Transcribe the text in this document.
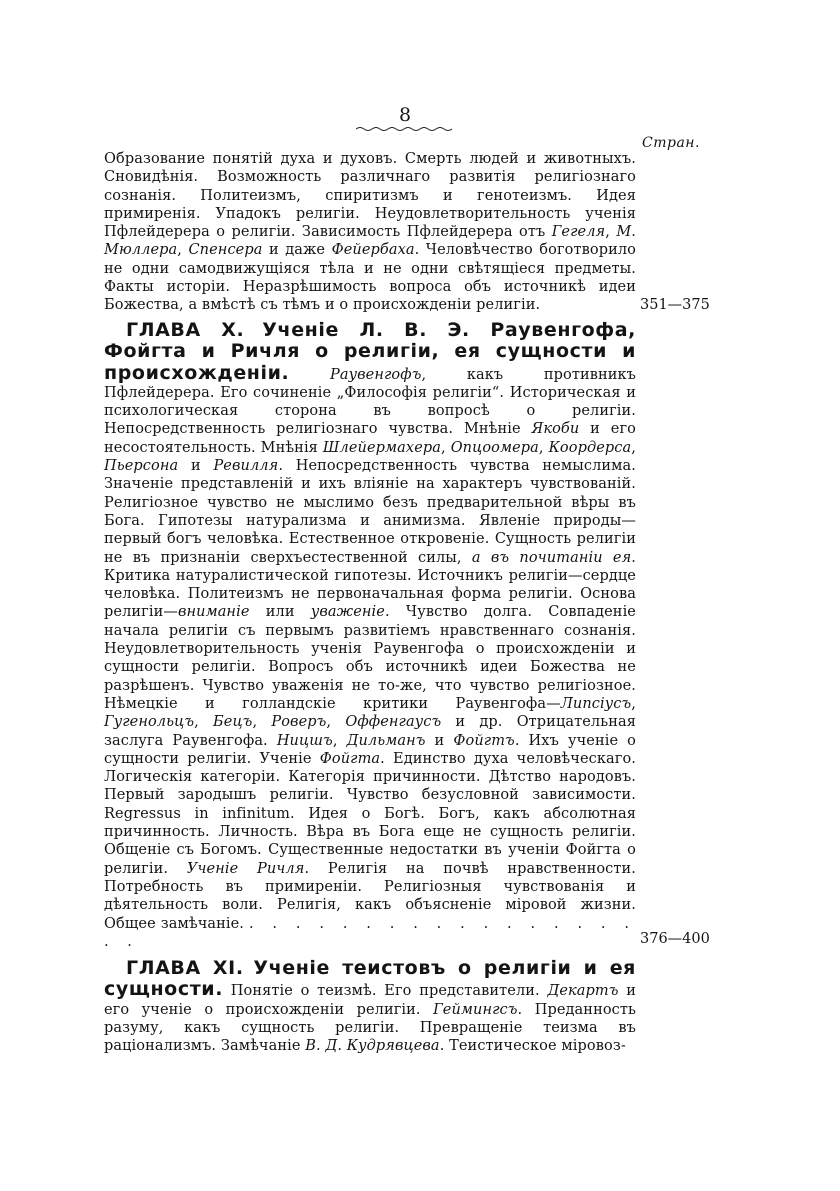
8
Стран.
Образование понятій духа и духовъ. Смерть людей и животныхъ. Сновидѣнія. Возможность различнаго развитія религіознаго сознанія. Политеизмъ, спиритизмъ и генотеизмъ. Идея примиренія. Упадокъ религіи. Неудовлетворительность ученія Пфлейдерера о религіи. Зависимость Пфлейдерера отъ Гегеля, М. Мюллера, Спенсера и даже Фейербаха. Человѣчество боготворило не одни самодвижущіяся тѣла и не одни свѣтящіеся предметы. Факты исторіи. Неразрѣшимость вопроса объ источникѣ идеи Божества, а вмѣстѣ съ тѣмъ и о происхожденіи религіи.	351—375
ГЛАВА X. Ученіе Л. В. Э. Раувенгофа, Фойгта и Ричля о религіи, ея сущности и происхожденіи.	Раувенгофъ, какъ противникъ Пфлейдерера. Его сочиненіе „Философія религіи“. Историческая и психологическая сторона въ вопросѣ о религіи. Непосредственность религіознаго чувства. Мнѣніе Якоби и его несостоятельность. Мнѣнія Шлейермахера, Опцоомера, Коордерса, Пьерсона и Ревилля. Непосредственность чувства немыслима. Значеніе представленій и ихъ вліяніе на характеръ чувствованій. Религіозное чувство не мыслимо безъ предварительной вѣры въ Бога. Гипотезы натурализма и анимизма. Явленіе природы—первый богъ человѣка. Естественное откровеніе. Сущность религіи не въ признаніи сверхъестественной силы, а въ почитаніи ея. Критика натуралистической гипотезы. Источникъ религіи—сердце человѣка. Политеизмъ не первоначальная форма религіи. Основа религіи—вниманіе или уваженіе. Чувство долга. Совпаденіе начала религіи съ первымъ развитіемъ нравственнаго сознанія. Неудовлетворительность ученія Раувенгофа о происхожденіи и сущности религіи. Вопросъ объ источникѣ идеи Божества не разрѣшенъ. Чувство уваженія не то-же, что чувство религіозное. Нѣмецкіе и голландскіе критики Раувенгофа—Липсіусъ, Гугенольцъ, Бецъ, Роверъ, Оффенгаусъ и др. Отрицательная заслуга Раувенгофа. Ницшъ, Дильманъ и Фойгтъ. Ихъ ученіе о сущности религіи. Ученіе Фойгта. Единство духа человѣческаго. Логическія категоріи. Категорія причинности. Дѣтство народовъ. Первый зародышъ религіи. Чувство безусловной зависимости. Regressus in infinitum. Идея о Богѣ. Богъ, какъ абсолютная причинность. Личность. Вѣра въ Бога еще не сущность религіи. Общеніе съ Богомъ. Существенные недостатки въ ученіи Фойгта о религіи. Ученіе Ричля. Религія на почвѣ нравственности. Потребность въ примиреніи. Религіозныя чувствованія и дѣятельность воли. Религія, какъ объясненіе міровой жизни. Общее замѣчаніе. . . . . . . . . . . . . . . . . . . .	376—400
ГЛАВА XI. Ученіе теистовъ о религіи и ея сущности. Понятіе о теизмѣ. Его представители. Декартъ и его ученіе о происхожденіи религіи. Геймингсъ. Преданность разуму, какъ сущность религіи. Превращеніе теизма въ раціонализмъ. Замѣчаніе В. Д. Кудрявцева. Теистическое міровоз-
